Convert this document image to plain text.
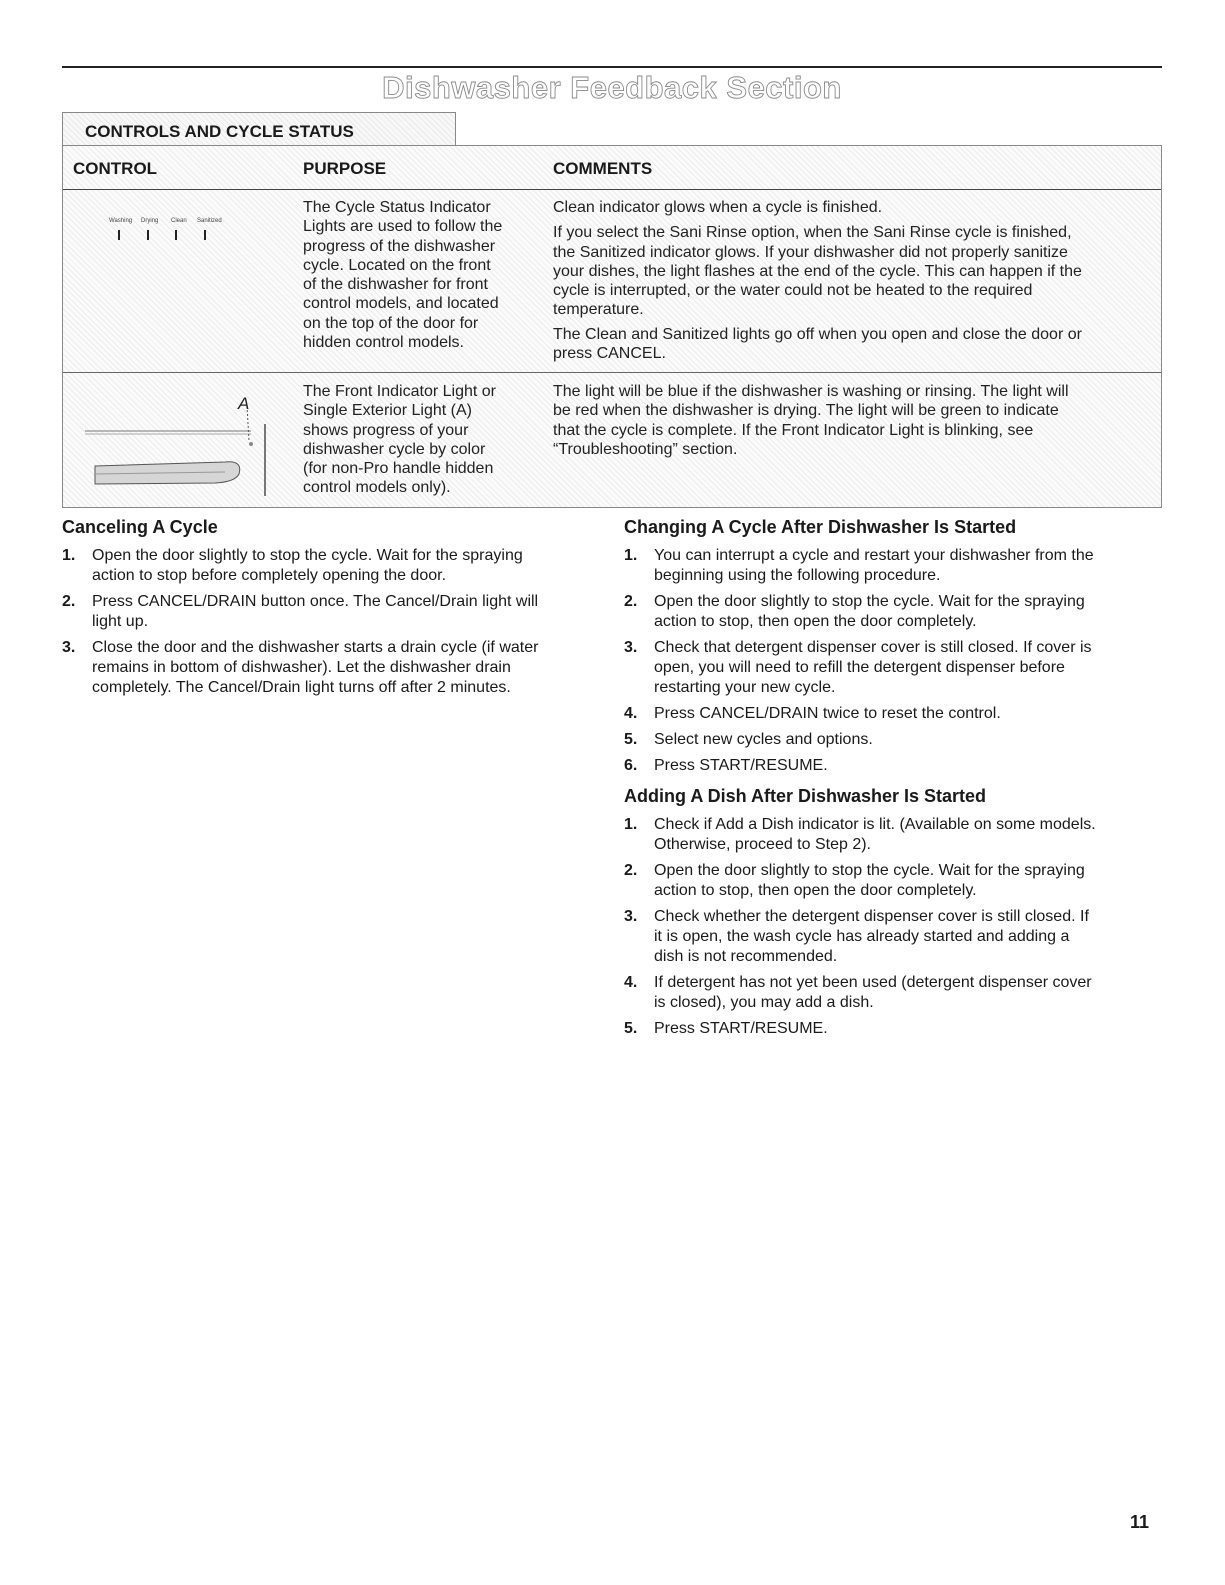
Dishwasher Feedback Section
CONTROLS AND CYCLE STATUS
CONTROL	PURPOSE	COMMENTS
Washing Drying Clean Sanitized
The Cycle Status Indicator
Lights are used to follow the
progress of the dishwasher
cycle. Located on the front
of the dishwasher for front
control models, and located
on the top of the door for
hidden control models.
Clean indicator glows when a cycle is finished.
If you select the Sani Rinse option, when the Sani Rinse cycle is finished,
the Sanitized indicator glows. If your dishwasher did not properly sanitize
your dishes, the light flashes at the end of the cycle. This can happen if the
cycle is interrupted, or the water could not be heated to the required
temperature.
The Clean and Sanitized lights go off when you open and close the door or
press CANCEL.
A
The Front Indicator Light or
Single Exterior Light (A)
shows progress of your
dishwasher cycle by color
(for non-Pro handle hidden
control models only).
The light will be blue if the dishwasher is washing or rinsing. The light will
be red when the dishwasher is drying. The light will be green to indicate
that the cycle is complete. If the Front Indicator Light is blinking, see
“Troubleshooting” section.
Canceling A Cycle
1. Open the door slightly to stop the cycle. Wait for the spraying
action to stop before completely opening the door.
2. Press CANCEL/DRAIN button once. The Cancel/Drain light will
light up.
3. Close the door and the dishwasher starts a drain cycle (if water
remains in bottom of dishwasher). Let the dishwasher drain
completely. The Cancel/Drain light turns off after 2 minutes.
Changing A Cycle After Dishwasher Is Started
1. You can interrupt a cycle and restart your dishwasher from the
beginning using the following procedure.
2. Open the door slightly to stop the cycle. Wait for the spraying
action to stop, then open the door completely.
3. Check that detergent dispenser cover is still closed. If cover is
open, you will need to refill the detergent dispenser before
restarting your new cycle.
4. Press CANCEL/DRAIN twice to reset the control.
5. Select new cycles and options.
6. Press START/RESUME.
Adding A Dish After Dishwasher Is Started
1. Check if Add a Dish indicator is lit. (Available on some models.
Otherwise, proceed to Step 2).
2. Open the door slightly to stop the cycle. Wait for the spraying
action to stop, then open the door completely.
3. Check whether the detergent dispenser cover is still closed. If
it is open, the wash cycle has already started and adding a
dish is not recommended.
4. If detergent has not yet been used (detergent dispenser cover
is closed), you may add a dish.
5. Press START/RESUME.
11
